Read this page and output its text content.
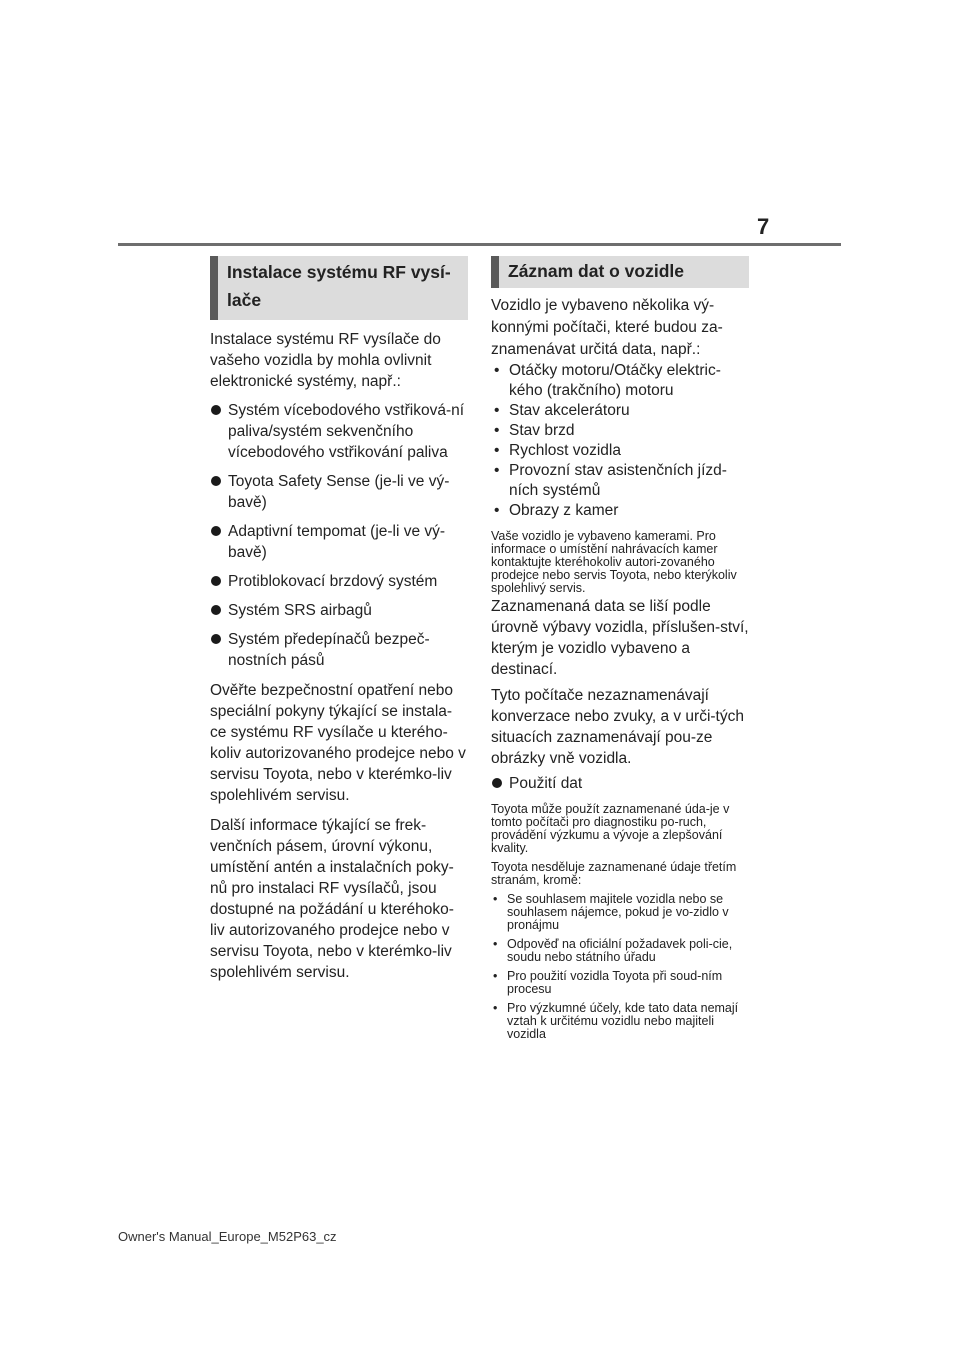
7
Instalace systému RF vysí-lače

Instalace systému RF vysílače do vašeho vozidla by mohla ovlivnit elektronické systémy, např.:

Systém vícebodového vstřiková-ní paliva/systém sekvenčního vícebodového vstřikování paliva
Toyota Safety Sense (je-li ve vý-bavě)
Adaptivní tempomat (je-li ve vý-bavě)
Protiblokovací brzdový systém
Systém SRS airbagů
Systém předepínačů bezpeč-nostních pásů

Ověřte bezpečnostní opatření nebo speciální pokyny týkající se instala-ce systému RF vysílače u kterého-koliv autorizovaného prodejce nebo v servisu Toyota, nebo v kterémko-liv spolehlivém servisu.

Další informace týkající se frek-venčních pásem, úrovní výkonu, umístění antén a instalačních poky-nů pro instalaci RF vysílačů, jsou dostupné na požádání u kteréhoko-liv autorizovaného prodejce nebo v servisu Toyota, nebo v kterémko-liv spolehlivém servisu.

Záznam dat o vozidle

Vozidlo je vybaveno několika vý-konnými počítači, které budou za-znamenávat určitá data, např.:

• Otáčky motoru/Otáčky elektric-kého (trakčního) motoru
• Stav akcelerátoru
• Stav brzd
• Rychlost vozidla
• Provozní stav asistenčních jízd-ních systémů
• Obrazy z kamer

Vaše vozidlo je vybaveno kamerami. Pro informace o umístění nahrávacích kamer kontaktujte kteréhokoliv autori-zovaného prodejce nebo servis Toyota, nebo kterýkoliv spolehlivý servis.

Zaznamenaná data se liší podle úrovně výbavy vozidla, příslušen-ství, kterým je vozidlo vybaveno a destinací.

Tyto počítače nezaznamenávají konverzace nebo zvuky, a v urči-tých situacích zaznamenávají pou-ze obrázky vně vozidla.

Použití dat

Toyota může použít zaznamenané úda-je v tomto počítači pro diagnostiku po-ruch, provádění výzkumu a vývoje a zlepšování kvality.

Toyota nesděluje zaznamenané údaje třetím stranám, kromě:

• Se souhlasem majitele vozidla nebo se souhlasem nájemce, pokud je vo-zidlo v pronájmu
• Odpověď na oficiální požadavek poli-cie, soudu nebo státního úřadu
• Pro použití vozidla Toyota při soud-ním procesu
• Pro výzkumné účely, kde tato data nemají vztah k určitému vozidlu nebo majiteli vozidla
Owner's Manual_Europe_M52P63_cz
